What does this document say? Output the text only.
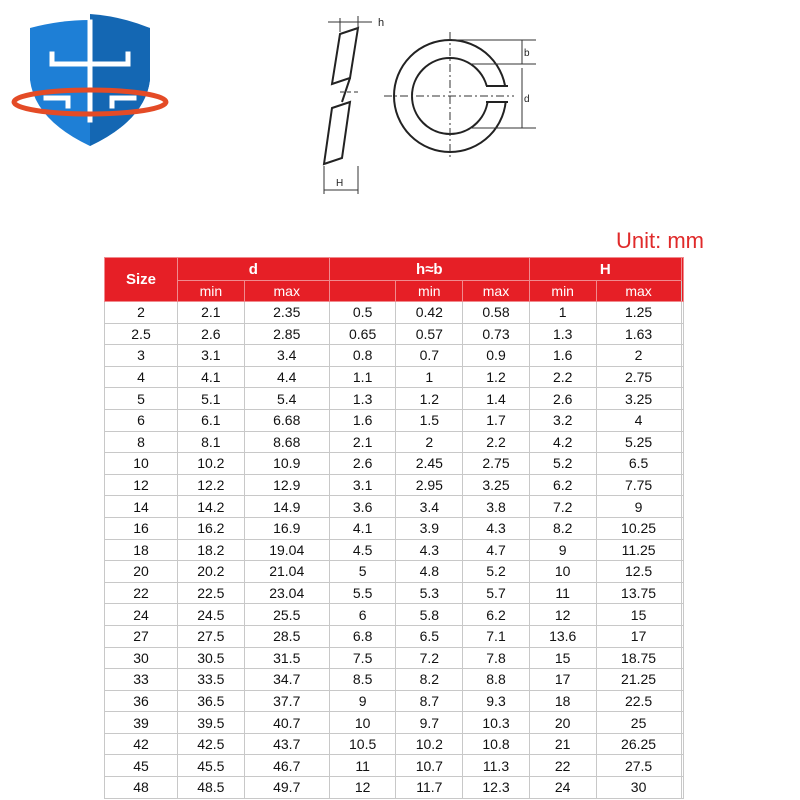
h
H
b
d
Unit: mm
Size	d		h≈b			H		
	min	max		min	max	min	max	
2	2.1	2.35	0.5	0.42	0.58	1	1.25	
2.5	2.6	2.85	0.65	0.57	0.73	1.3	1.63	
3	3.1	3.4	0.8	0.7	0.9	1.6	2	
4	4.1	4.4	1.1	1	1.2	2.2	2.75	
5	5.1	5.4	1.3	1.2	1.4	2.6	3.25	
6	6.1	6.68	1.6	1.5	1.7	3.2	4	
8	8.1	8.68	2.1	2	2.2	4.2	5.25	
10	10.2	10.9	2.6	2.45	2.75	5.2	6.5	
12	12.2	12.9	3.1	2.95	3.25	6.2	7.75	
14	14.2	14.9	3.6	3.4	3.8	7.2	9	
16	16.2	16.9	4.1	3.9	4.3	8.2	10.25	
18	18.2	19.04	4.5	4.3	4.7	9	11.25	
20	20.2	21.04	5	4.8	5.2	10	12.5	
22	22.5	23.04	5.5	5.3	5.7	11	13.75	
24	24.5	25.5	6	5.8	6.2	12	15	
27	27.5	28.5	6.8	6.5	7.1	13.6	17	
30	30.5	31.5	7.5	7.2	7.8	15	18.75	
33	33.5	34.7	8.5	8.2	8.8	17	21.25	
36	36.5	37.7	9	8.7	9.3	18	22.5	
39	39.5	40.7	10	9.7	10.3	20	25	
42	42.5	43.7	10.5	10.2	10.8	21	26.25	
45	45.5	46.7	11	10.7	11.3	22	27.5	
48	48.5	49.7	12	11.7	12.3	24	30	
